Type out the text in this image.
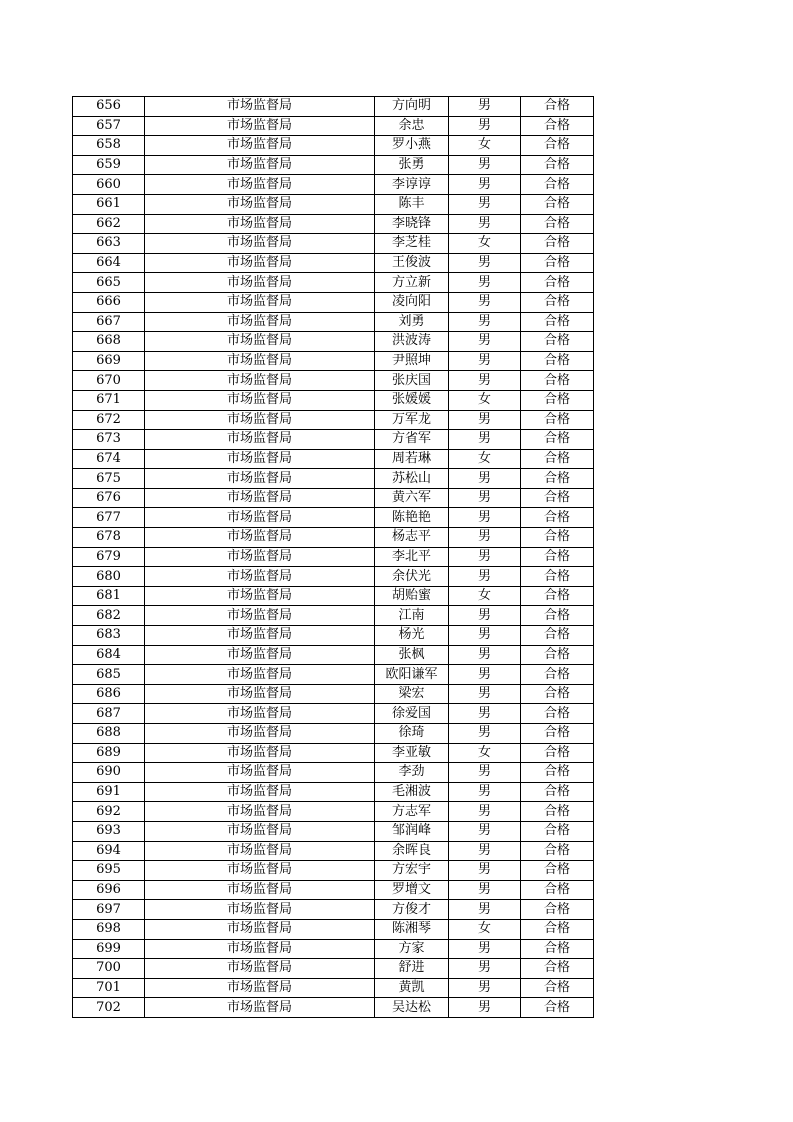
656	市场监督局	方向明	男	合格
657	市场监督局	余忠	男	合格
658	市场监督局	罗小燕	女	合格
659	市场监督局	张勇	男	合格
660	市场监督局	李谆谆	男	合格
661	市场监督局	陈丰	男	合格
662	市场监督局	李晓锋	男	合格
663	市场监督局	李芝桂	女	合格
664	市场监督局	王俊波	男	合格
665	市场监督局	方立新	男	合格
666	市场监督局	凌向阳	男	合格
667	市场监督局	刘勇	男	合格
668	市场监督局	洪波涛	男	合格
669	市场监督局	尹照坤	男	合格
670	市场监督局	张庆国	男	合格
671	市场监督局	张媛媛	女	合格
672	市场监督局	万军龙	男	合格
673	市场监督局	方省军	男	合格
674	市场监督局	周若琳	女	合格
675	市场监督局	苏松山	男	合格
676	市场监督局	黄六军	男	合格
677	市场监督局	陈艳艳	男	合格
678	市场监督局	杨志平	男	合格
679	市场监督局	李北平	男	合格
680	市场监督局	余伏光	男	合格
681	市场监督局	胡贻蜜	女	合格
682	市场监督局	江南	男	合格
683	市场监督局	杨光	男	合格
684	市场监督局	张枫	男	合格
685	市场监督局	欧阳谦军	男	合格
686	市场监督局	梁宏	男	合格
687	市场监督局	徐爱国	男	合格
688	市场监督局	徐琦	男	合格
689	市场监督局	李亚敏	女	合格
690	市场监督局	李劲	男	合格
691	市场监督局	毛湘波	男	合格
692	市场监督局	方志军	男	合格
693	市场监督局	邹润峰	男	合格
694	市场监督局	余晖良	男	合格
695	市场监督局	方宏宇	男	合格
696	市场监督局	罗增文	男	合格
697	市场监督局	方俊才	男	合格
698	市场监督局	陈湘琴	女	合格
699	市场监督局	方家	男	合格
700	市场监督局	舒进	男	合格
701	市场监督局	黄凯	男	合格
702	市场监督局	吴达松	男	合格
